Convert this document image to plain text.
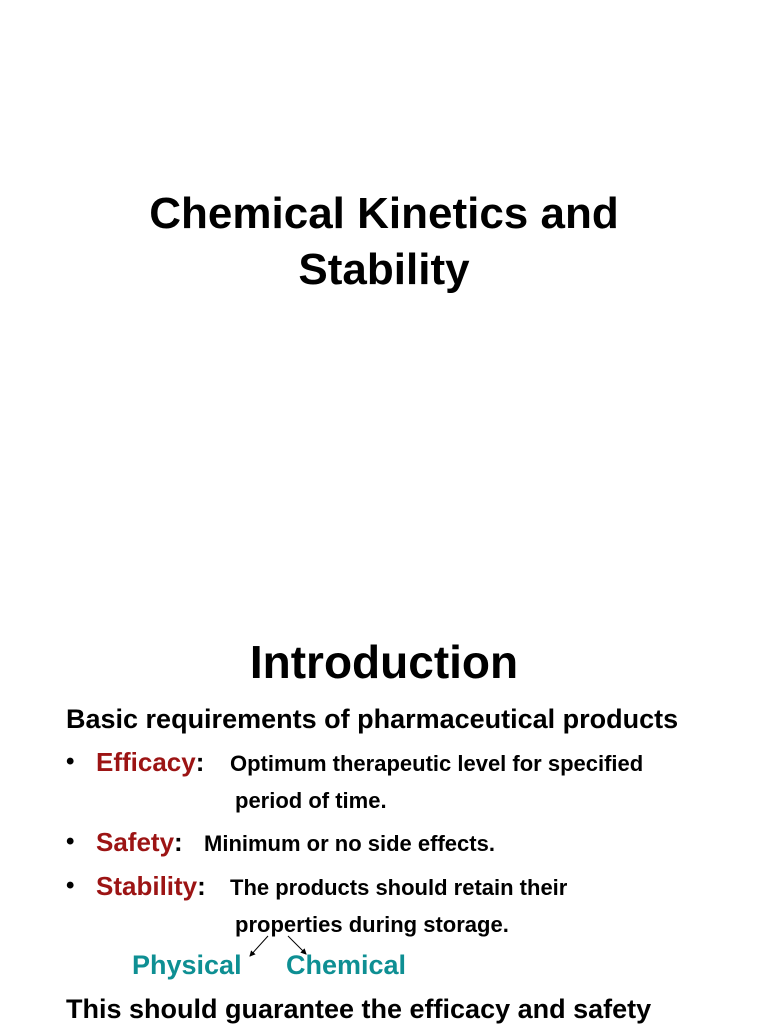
Chemical Kinetics and
Stability
Introduction
Basic requirements of pharmaceutical products
• Efficacy: Optimum therapeutic level for specified
period of time.
• Safety: Minimum or no side effects.
• Stability: The products should retain their
properties during storage.
Physical Chemical
This should guarantee the efficacy and safety
